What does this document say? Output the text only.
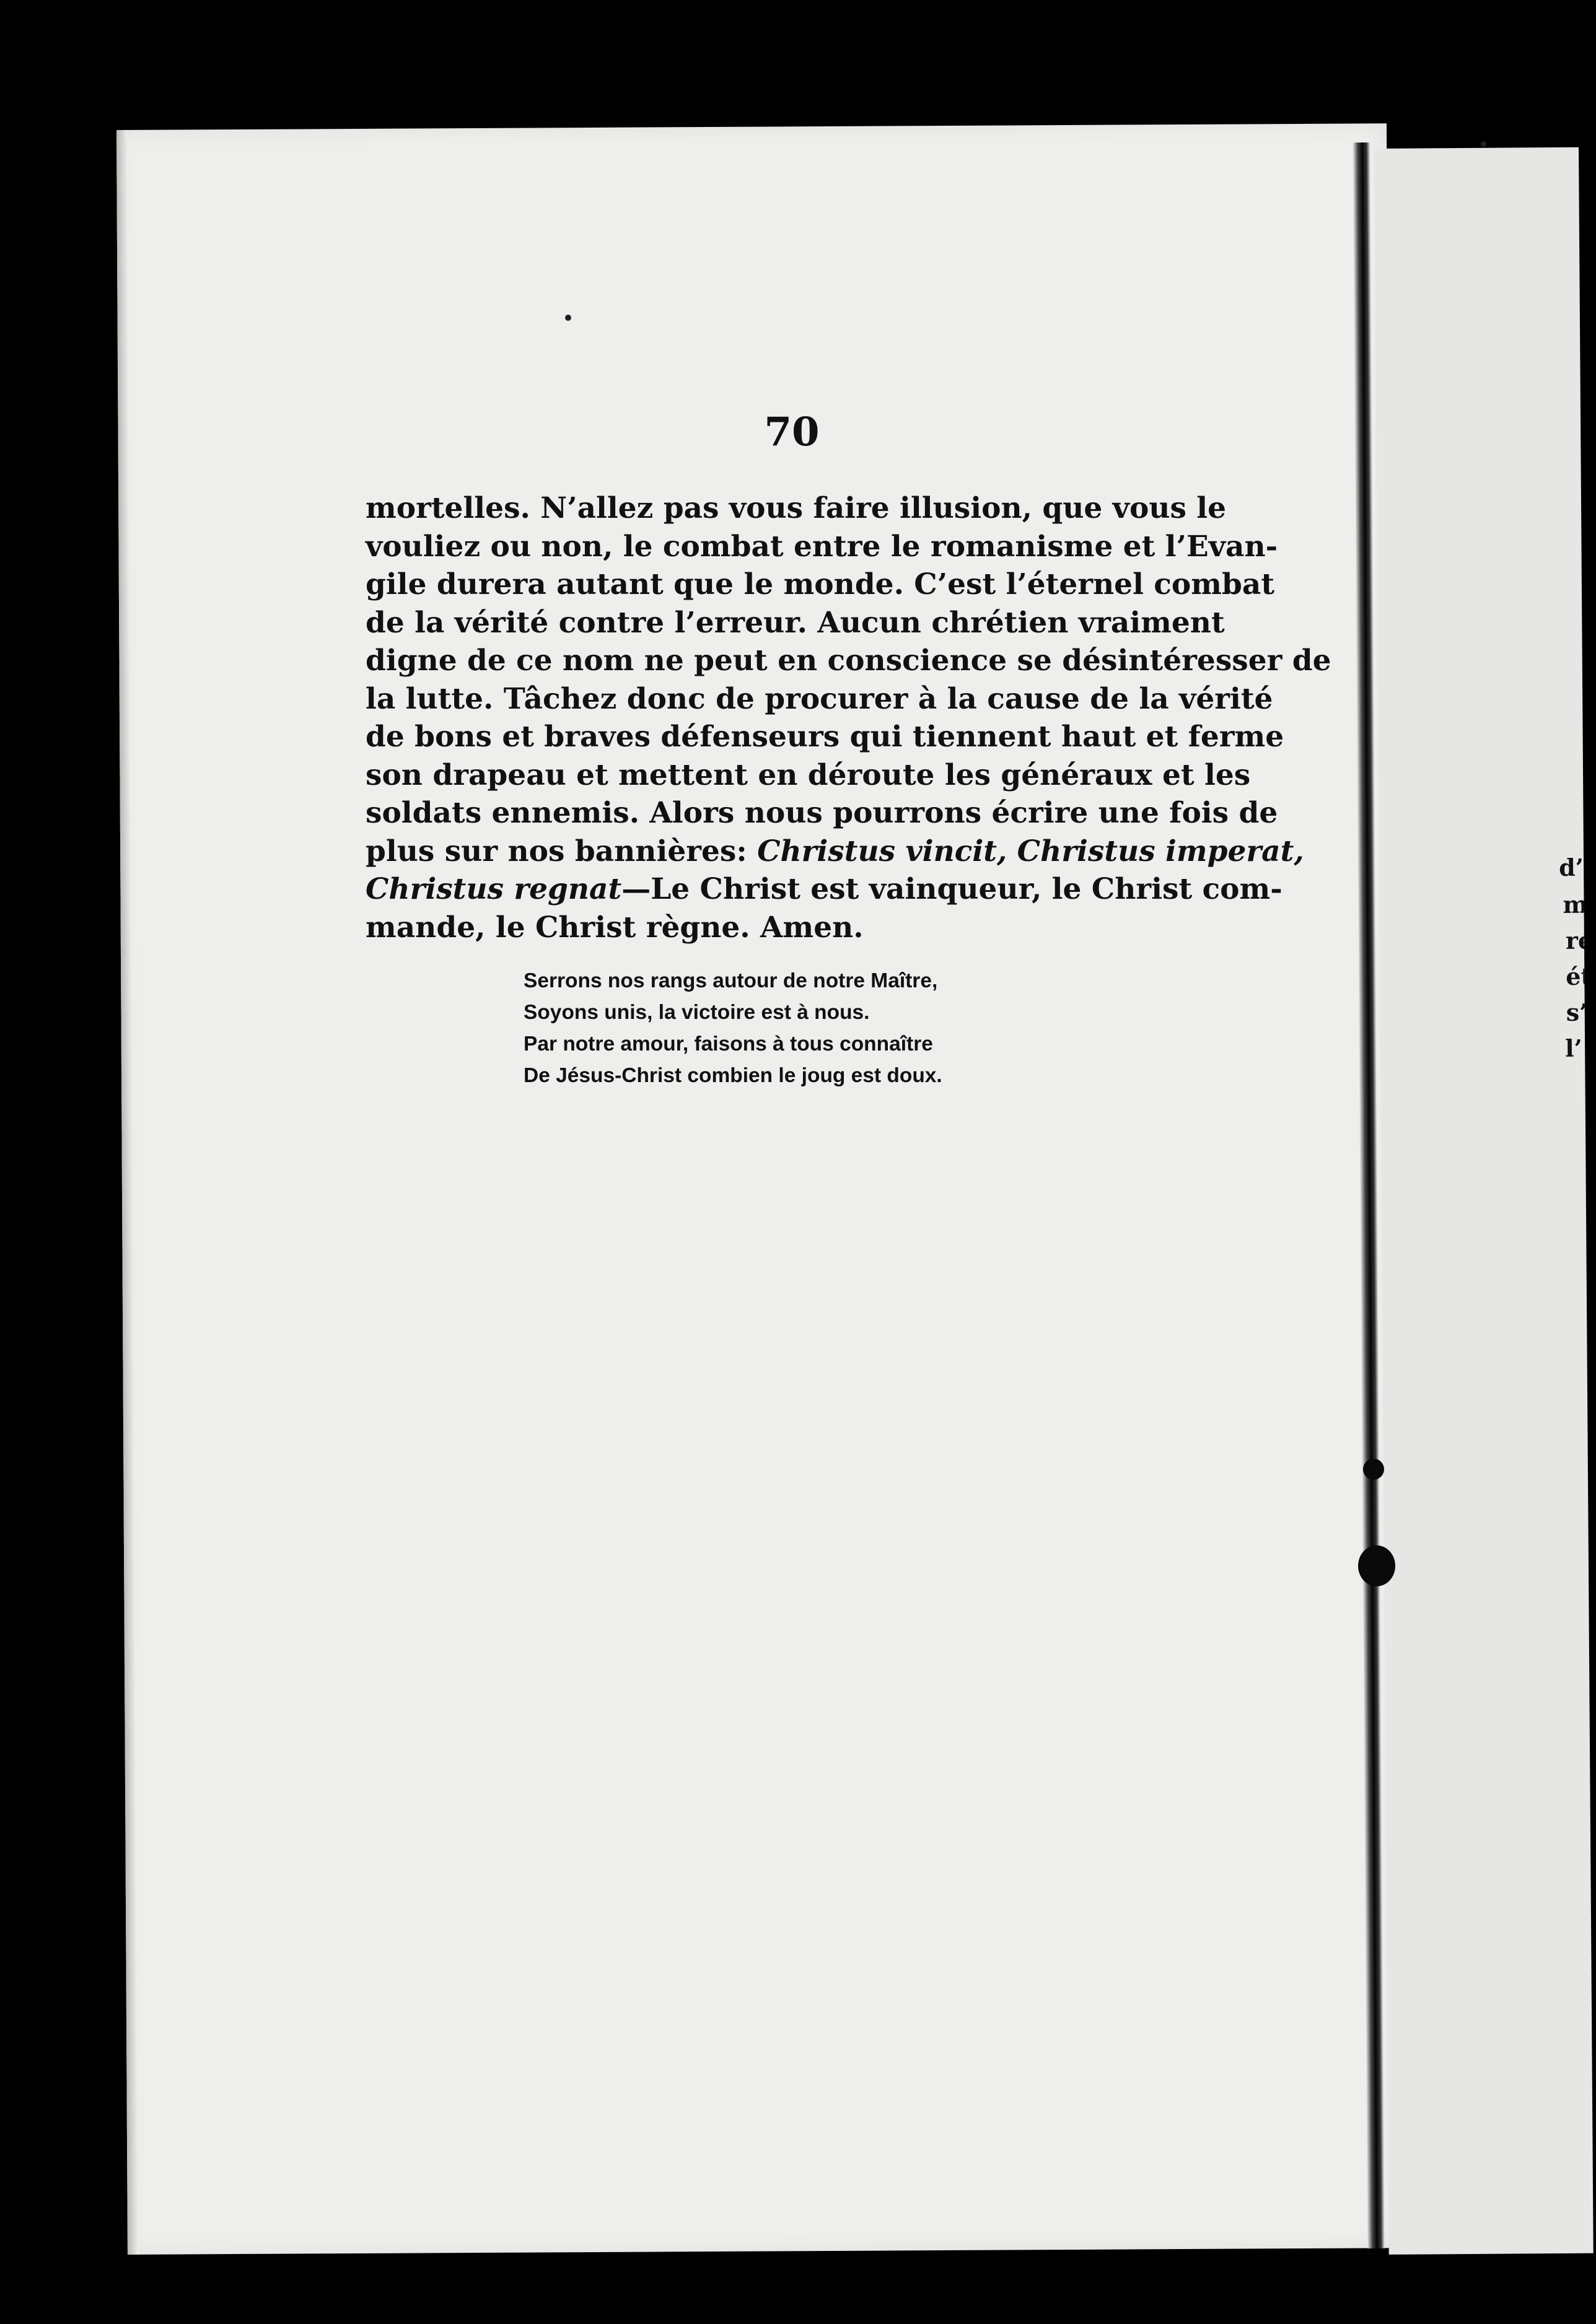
d’
m
ré
ét
s’
l’
70

mortelles. N’allez pas vous faire illusion, que vous le
vouliez ou non, le combat entre le romanisme et l’Evan-
gile durera autant que le monde. C’est l’éternel combat
de la vérité contre l’erreur. Aucun chrétien vraiment
digne de ce nom ne peut en conscience se désintéresser de
la lutte. Tâchez donc de procurer à la cause de la vérité
de bons et braves défenseurs qui tiennent haut et ferme
son drapeau et mettent en déroute les généraux et les
soldats ennemis. Alors nous pourrons écrire une fois de
plus sur nos bannières: Christus vincit, Christus imperat,
Christus regnat—Le Christ est vainqueur, le Christ com-
mande, le Christ règne. Amen.

Serrons nos rangs autour de notre Maître,
Soyons unis, la victoire est à nous.
Par notre amour, faisons à tous connaître
De Jésus-Christ combien le joug est doux.
